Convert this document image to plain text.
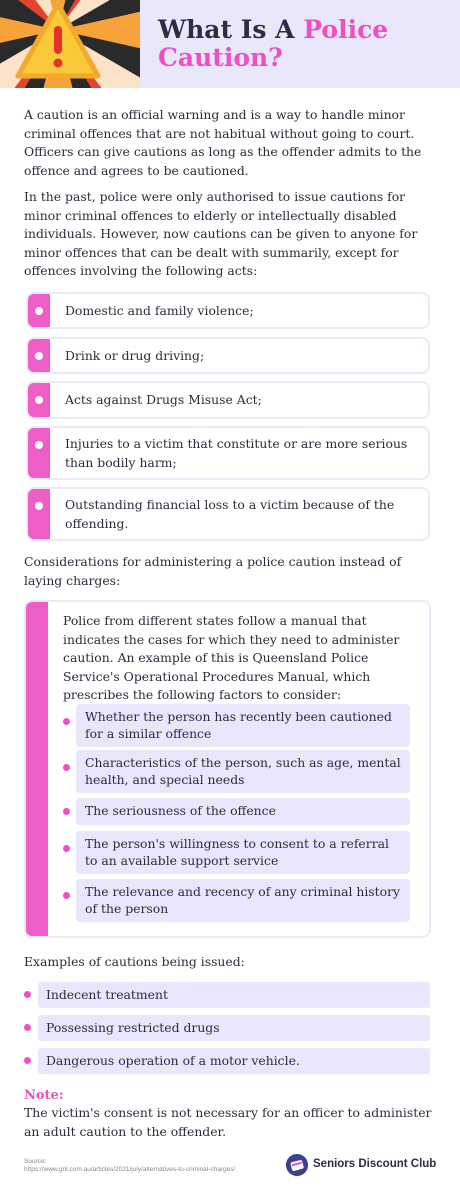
What Is A Police
Caution?

A caution is an official warning and is a way to handle minor criminal offences that are not habitual without going to court. Officers can give cautions as long as the offender admits to the offence and agrees to be cautioned.

In the past, police were only authorised to issue cautions for minor criminal offences to elderly or intellectually disabled individuals. However, now cautions can be given to anyone for minor offences that can be dealt with summarily, except for offences involving the following acts:

Domestic and family violence;
Drink or drug driving;
Acts against Drugs Misuse Act;
Injuries to a victim that constitute or are more serious than bodily harm;
Outstanding financial loss to a victim because of the offending.

Considerations for administering a police caution instead of laying charges:

Police from different states follow a manual that indicates the cases for which they need to administer caution. An example of this is Queensland Police Service's Operational Procedures Manual, which prescribes the following factors to consider:

Whether the person has recently been cautioned for a similar offence
Characteristics of the person, such as age, mental health, and special needs
The seriousness of the offence
The person's willingness to consent to a referral to an available support service
The relevance and recency of any criminal history of the person

Examples of cautions being issued:

Indecent treatment
Possessing restricted drugs
Dangerous operation of a motor vehicle.
Note:

The victim's consent is not necessary for an officer to administer an adult caution to the offender.

Source:
https://www.gnl.com.au/articles/2021/july/alternatives-to-criminal-charges/	Seniors Discount Club
